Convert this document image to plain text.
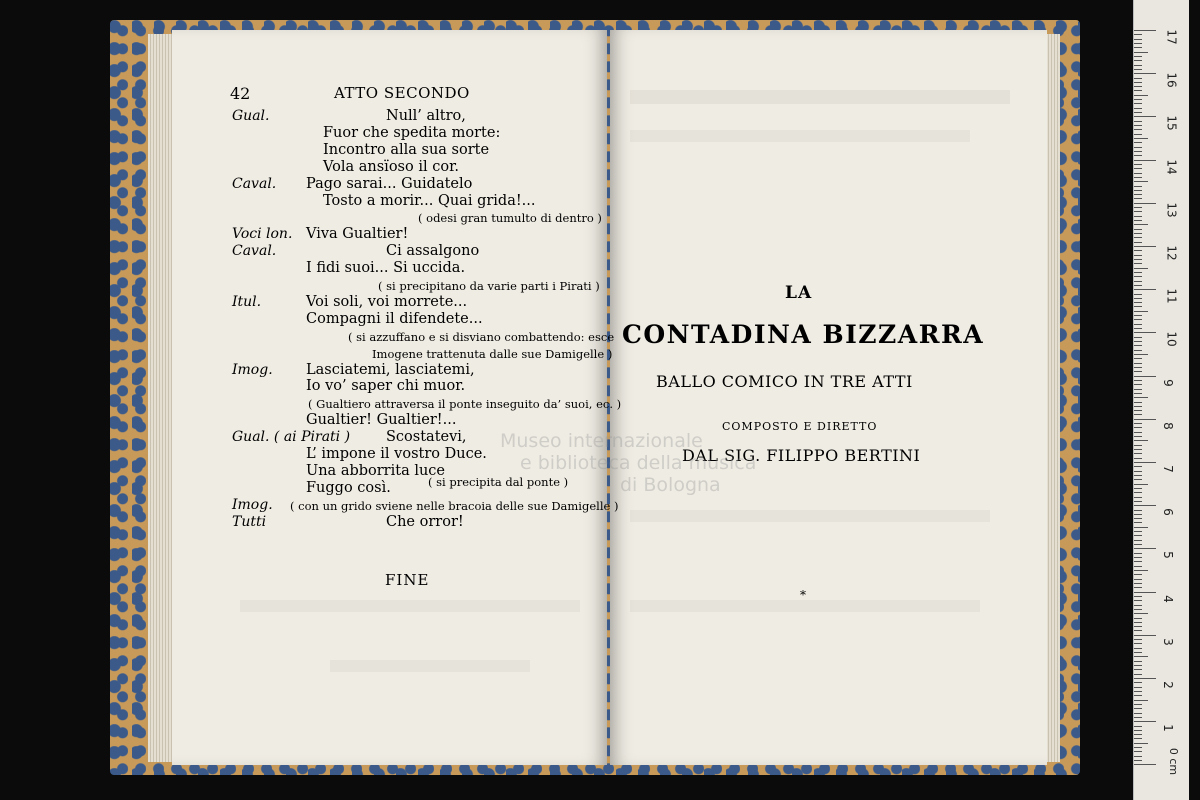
42	ATTO SECONDO
Gual.	Null’ altro,
Fuor che spedita morte:
Incontro alla sua sorte
Vola ansïoso il cor.
Caval. Pago sarai... Guidatelo
Tosto a morir... Quai grida!...
( odesi gran tumulto di dentro )
Voci lon. Viva Gualtier!
Caval.	Ci assalgono
I fidi suoi... Si uccida.
( si precipitano da varie parti i Pirati )
Itul.	Voi soli, voi morrete...
Compagni il difendete...
( si azzuffano e si disviano combattendo: esce
Imogene trattenuta dalle sue Damigelle )
Imog. Lasciatemi, lasciatemi,
Io vo’ saper chi muor.
( Gualtiero attraversa il ponte inseguito da’ suoi, ec. )
Gualtier! Gualtier!...
Gual. ( ai Pirati ) Scostatevi,
L’ impone il vostro Duce.
Una abborrita luce
Fuggo così.
Imog. ( con un grido sviene nelle bracoia delle sue Damigelle )
Tutti	Che orror!
( si precipita dal ponte )
FINE
LA
CONTADINA BIZZARRA
BALLO COMICO IN TRE ATTI
COMPOSTO E DIRETTO
DAL SIG. FILIPPO BERTINI
*
Museo internazionale
e biblioteca della musica
di Bologna
0 cm
17
16
15
14
13
12
11
10
9
8
7
6
5
4
3
2
1
